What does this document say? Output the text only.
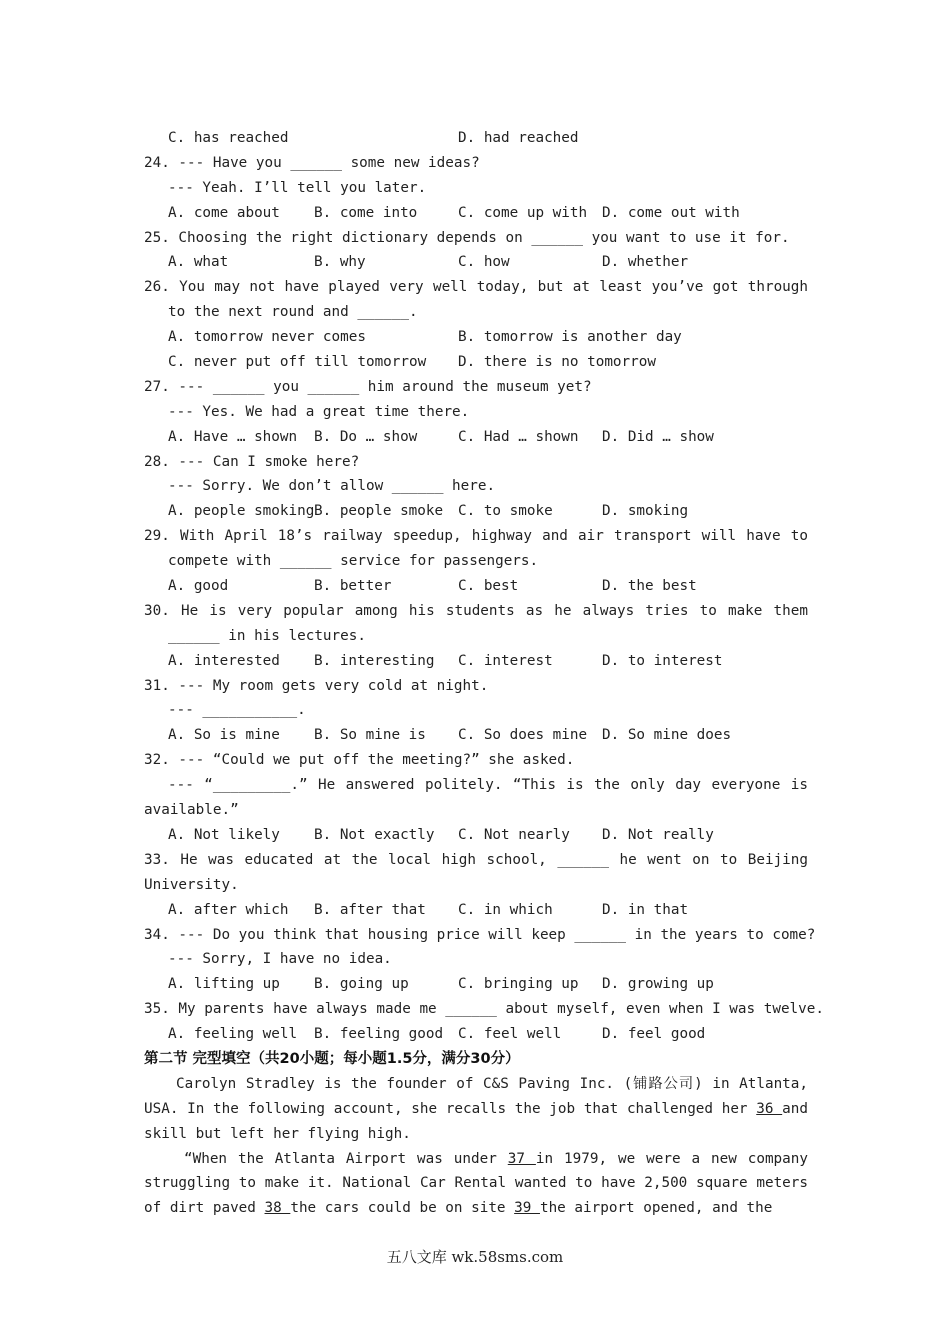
C. has reached	D. had reached
24. --- Have you ______ some new ideas?
--- Yeah. I’ll tell you later.
A. come about	B. come into	C. come up with	D. come out with
25. Choosing the right dictionary depends on ______ you want to use it for.
A. what	B. why	C. how	D. whether
26. You may not have played very well today, but at least you’ve got through
to the next round and ______.
A. tomorrow never comes	B. tomorrow is another day
C. never put off till tomorrow	D. there is no tomorrow
27. --- ______ you ______ him around the museum yet?
--- Yes. We had a great time there.
A. Have … shown	B. Do … show	C. Had … shown	D. Did … show
28. --- Can I smoke here?
--- Sorry. We don’t allow ______ here.
A. people smoking B. people smoke	C. to smoke	D. smoking
29. With April 18’s railway speedup, highway and air transport will have to
compete with ______ service for passengers.
A. good	B. better	C. best	D. the best
30. He is very popular among his students as he always tries to make them
______ in his lectures.
A. interested	B. interesting	C. interest	D. to interest
31. --- My room gets very cold at night.
--- ___________.
A. So is mine	B. So mine is	C. So does mine	D. So mine does
32. --- “Could we put off the meeting?” she asked.
--- “_________.” He answered politely. “This is the only day everyone is
available.”
A. Not likely	B. Not exactly	C. Not nearly	D. Not really
33. He was educated at the local high school, ______ he went on to Beijing
University.
A. after which	B. after that	C. in which	D. in that
34. --- Do you think that housing price will keep ______ in the years to come?
--- Sorry, I have no idea.
A. lifting up	B. going up	C. bringing up	D. growing up
35. My parents have always made me ______ about myself, even when I was twelve.
A. feeling well	B. feeling good	C. feel well	D. feel good
第二节 完型填空（共20小题；每小题1.5分，满分30分）
Carolyn Stradley is the founder of C&S Paving Inc. (铺路公司) in Atlanta, USA. In the following account, she recalls the job that challenged her 36 and skill but left her flying high.
“When the Atlanta Airport was under 37 in 1979, we were a new company struggling to make it. National Car Rental wanted to have 2,500 square meters of dirt paved 38 the cars could be on site 39 the airport opened, and the
五八文库 wk.58sms.com
